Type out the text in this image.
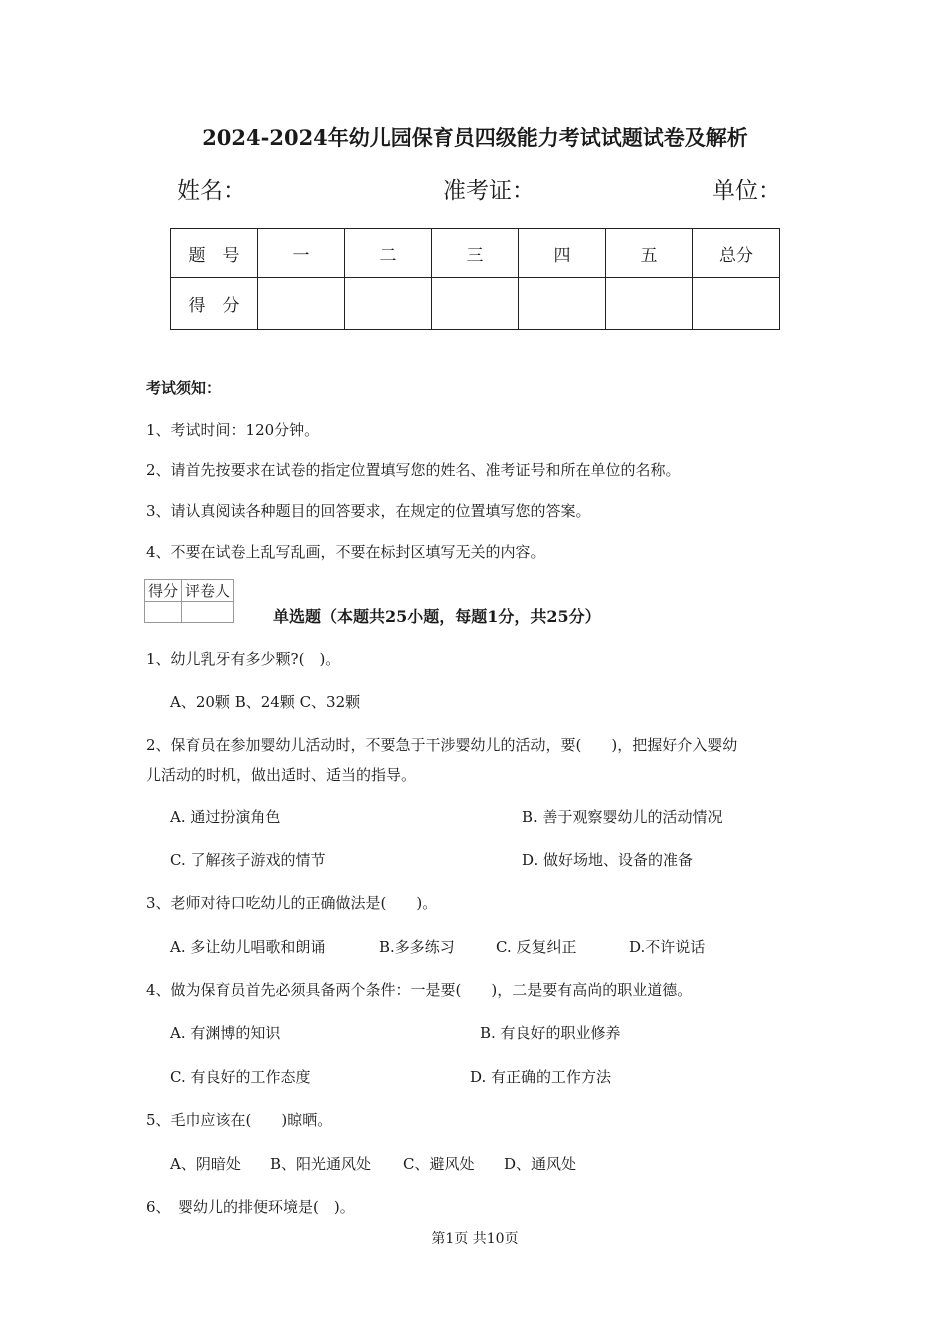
2024-2024年幼儿园保育员四级能力考试试题试卷及解析
姓名：	准考证：	单位：
题　号	一	二	三	四	五	总分
得　分						
考试须知：
1、考试时间：120分钟。
2、请首先按要求在试卷的指定位置填写您的姓名、准考证号和所在单位的名称。
3、请认真阅读各种题目的回答要求，在规定的位置填写您的答案。
4、不要在试卷上乱写乱画，不要在标封区填写无关的内容。
得分	评卷人

单选题（本题共25小题，每题1分，共25分）
1、幼儿乳牙有多少颗?(　)。
A、20颗 B、24颗 C、32颗
2、保育员在参加婴幼儿活动时，不要急于干涉婴幼儿的活动，要(　　)，把握好介入婴幼
儿活动的时机，做出适时、适当的指导。
A. 通过扮演角色	B. 善于观察婴幼儿的活动情况
C. 了解孩子游戏的情节	D. 做好场地、设备的准备
3、老师对待口吃幼儿的正确做法是(　　)。
A. 多让幼儿唱歌和朗诵	B.多多练习	C. 反复纠正	D.不许说话
4、做为保育员首先必须具备两个条件：一是要(　　)，二是要有高尚的职业道德。
A. 有渊博的知识	B. 有良好的职业修养
C. 有良好的工作态度	D. 有正确的工作方法
5、毛巾应该在(　　)晾晒。
A、阴暗处 B、阳光通风处 C、避风处 D、通风处
6、　婴幼儿的排便环境是(　)。
第1页 共10页
